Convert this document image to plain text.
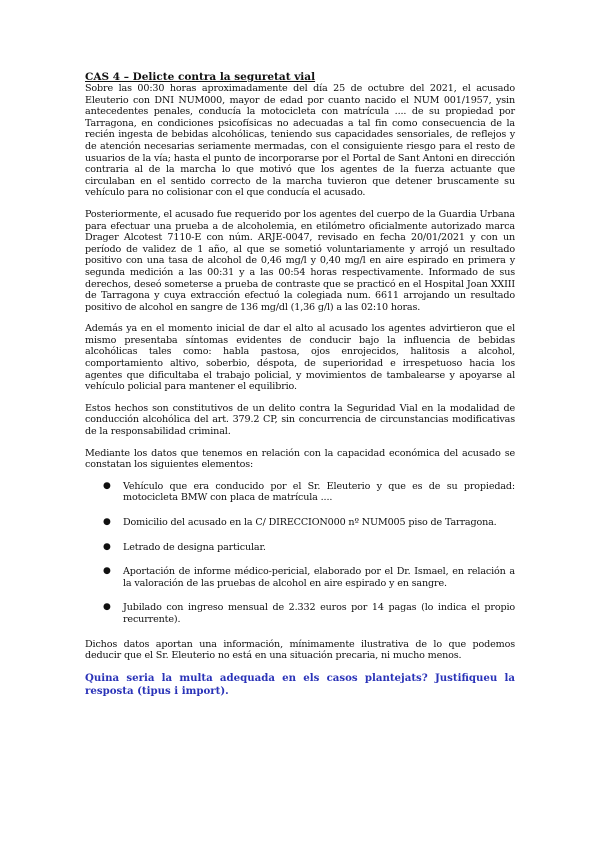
CAS 4 – Delicte contra la seguretat vial

Sobre las 00:30 horas aproximadamente del día 25 de octubre del 2021, el acusado Eleuterio con DNI NUM000, mayor de edad por cuanto nacido el NUM 001/1957, ysin antecedentes penales, conducía la motocicleta con matrícula .... de su propiedad por Tarragona, en condiciones psicofísicas no adecuadas a tal fin como consecuencia de la recién ingesta de bebidas alcohólicas, teniendo sus capacidades sensoriales, de reflejos y de atención necesarias seriamente mermadas, con el consiguiente riesgo para el resto de usuarios de la vía; hasta el punto de incorporarse por el Portal de Sant Antoni en dirección contraria al de la marcha lo que motivó que los agentes de la fuerza actuante que circulaban en el sentido correcto de la marcha tuvieron que detener bruscamente su vehículo para no colisionar con el que conducía el acusado.

Posteriormente, el acusado fue requerido por los agentes del cuerpo de la Guardia Urbana para efectuar una prueba a de alcoholemia, en etilómetro oficialmente autorizado marca Drager Alcotest 7110-E con núm. ARJE-0047, revisado en fecha 20/01/2021 y con un período de validez de 1 año, al que se sometió voluntariamente y arrojó un resultado positivo con una tasa de alcohol de 0,46 mg/l y 0,40 mg/l en aire espirado en primera y segunda medición a las 00:31 y a las 00:54 horas respectivamente. Informado de sus derechos, deseó someterse a prueba de contraste que se practicó en el Hospital Joan XXIII de Tarragona y cuya extracción efectuó la colegiada num. 6611 arrojando un resultado positivo de alcohol en sangre de 136 mg/dl (1,36 g/l) a las 02:10 horas.

Además ya en el momento inicial de dar el alto al acusado los agentes advirtieron que el mismo presentaba síntomas evidentes de conducir bajo la influencia de bebidas alcohólicas tales como: habla pastosa, ojos enrojecidos, halitosis a alcohol, comportamiento altivo, soberbio, déspota, de superioridad e irrespetuoso hacia los agentes que dificultaba el trabajo policial, y movimientos de tambalearse y apoyarse al vehículo policial para mantener el equilibrio.

Estos hechos son constitutivos de un delito contra la Seguridad Vial en la modalidad de conducción alcohólica del art. 379.2 CP, sin concurrencia de circunstancias modificativas de la responsabilidad criminal.

Mediante los datos que tenemos en relación con la capacidad económica del acusado se constatan los siguientes elementos:

● Vehículo que era conducido por el Sr. Eleuterio y que es de su propiedad: motocicleta BMW con placa de matrícula ....
● Domicilio del acusado en la C/ DIRECCION000 nº NUM005 piso de Tarragona.
● Letrado de designa particular.
● Aportación de informe médico-pericial, elaborado por el Dr. Ismael, en relación a la valoración de las pruebas de alcohol en aire espirado y en sangre.
● Jubilado con ingreso mensual de 2.332 euros por 14 pagas (lo indica el propio recurrente).

Dichos datos aportan una información, mínimamente ilustrativa de lo que podemos deducir que el Sr. Eleuterio no está en una situación precaria, ni mucho menos.

Quina seria la multa adequada en els casos plantejats? Justifiqueu la resposta (tipus i import).
